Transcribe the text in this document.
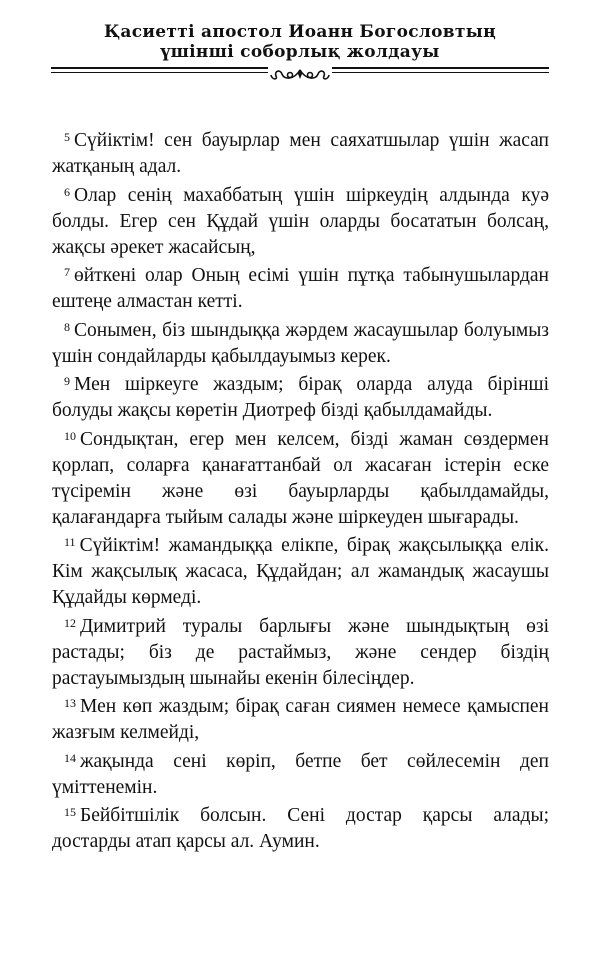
Қасиетті апостол Иоанн Богословтың
үшінші соборлық жолдауы

$^5$ Сүйіктім! сен бауырлар мен саяхатшылар үшін жасап жатқаның адал.

$^6$ Олар сенің махаббатың үшін шіркеудің алдында куә болды. Егер сен Құдай үшін оларды босататын болсаң, жақсы әрекет жасайсың,

$^7$ өйткені олар Оның есімі үшін пұтқа табынушылардан ештеңе алмастан кетті.

$^8$ Сонымен, біз шындыққа жәрдем жасаушылар болуымыз үшін сондайларды қабылдауымыз керек.

$^9$ Мен шіркеуге жаздым; бірақ оларда алуда бірінші болуды жақсы көретін Диотреф бізді қабылдамайды.

$^{10}$ Сондықтан, егер мен келсем, бізді жаман сөздермен қорлап, соларға қанағаттанбай ол жасаған істерін еске түсіремін және өзі бауырларды қабылдамайды, қалағандарға тыйым салады және шіркеуден шығарады.

$^{11}$ Сүйіктім! жамандыққа елікпе, бірақ жақсылыққа елік. Кім жақсылық жасаса, Құдайдан; ал жамандық жасаушы Құдайды көрмеді.

$^{12}$ Димитрий туралы барлығы және шындықтың өзі растады; біз де растаймыз, және сендер біздің растауымыздың шынайы екенін білесіңдер.

$^{13}$ Мен көп жаздым; бірақ саған сиямен немесе қамыспен жазғым келмейді,

$^{14}$ жақында сені көріп, бетпе бет сөйлесемін деп үміттенемін.

$^{15}$ Бейбітшілік болсын. Сені достар қарсы алады; достарды атап қарсы ал. Аумин.
